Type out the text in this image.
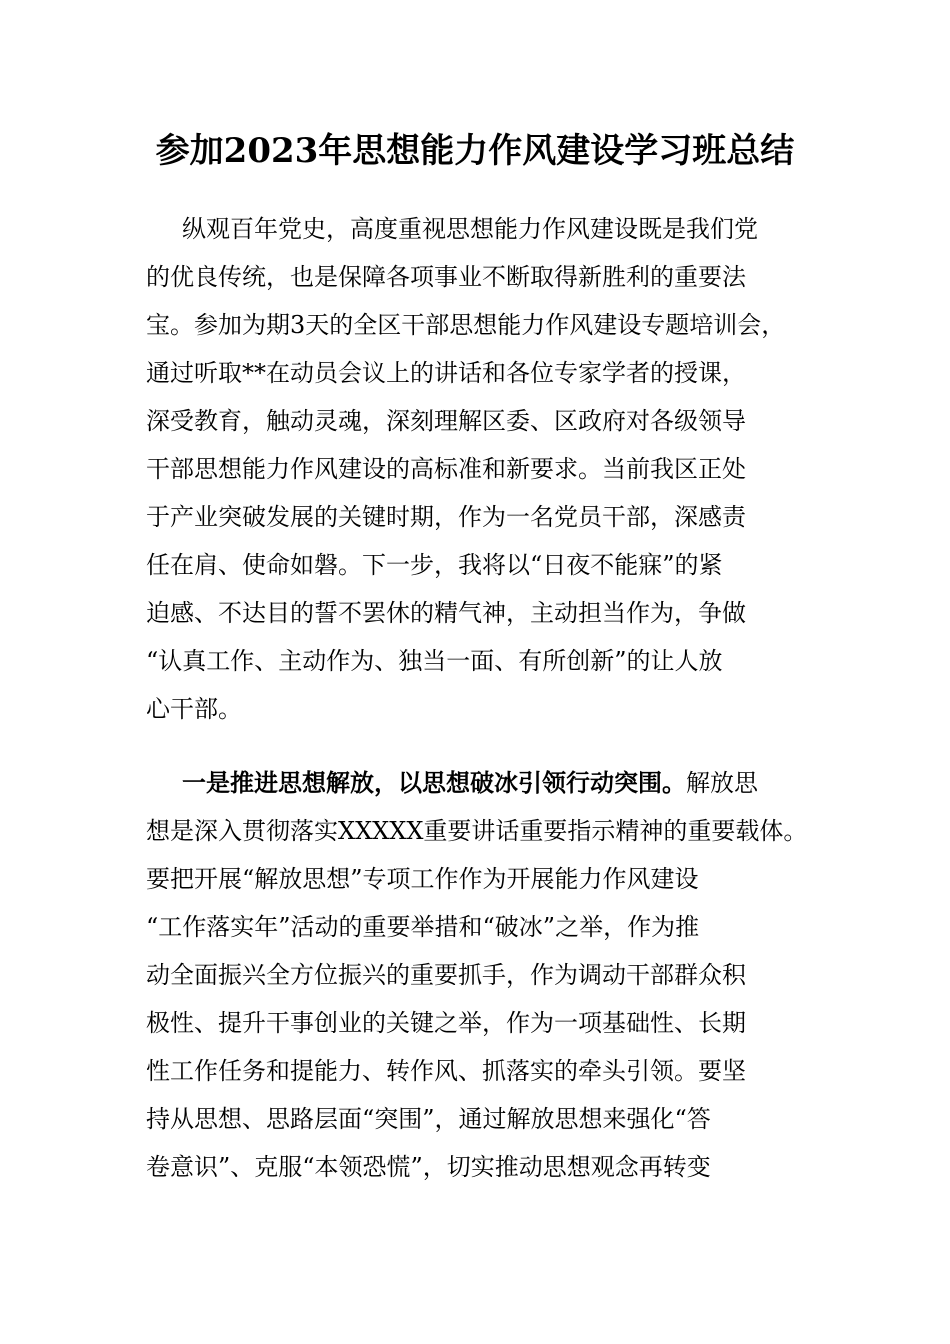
参加2023年思想能力作风建设学习班总结
纵观百年党史，高度重视思想能力作风建设既是我们党
的优良传统，也是保障各项事业不断取得新胜利的重要法
宝。参加为期3天的全区干部思想能力作风建设专题培训会，
通过听取**在动员会议上的讲话和各位专家学者的授课，
深受教育，触动灵魂，深刻理解区委、区政府对各级领导
干部思想能力作风建设的高标准和新要求。当前我区正处
于产业突破发展的关键时期，作为一名党员干部，深感责
任在肩、使命如磐。下一步，我将以“日夜不能寐”的紧
迫感、不达目的誓不罢休的精气神，主动担当作为，争做
“认真工作、主动作为、独当一面、有所创新”的让人放
心干部。
一是推进思想解放，以思想破冰引领行动突围。解放思
想是深入贯彻落实XXXXX重要讲话重要指示精神的重要载体。
要把开展“解放思想”专项工作作为开展能力作风建设
“工作落实年”活动的重要举措和“破冰”之举，作为推
动全面振兴全方位振兴的重要抓手，作为调动干部群众积
极性、提升干事创业的关键之举，作为一项基础性、长期
性工作任务和提能力、转作风、抓落实的牵头引领。要坚
持从思想、思路层面“突围”，通过解放思想来强化“答
卷意识”、克服“本领恐慌”，切实推动思想观念再转变
